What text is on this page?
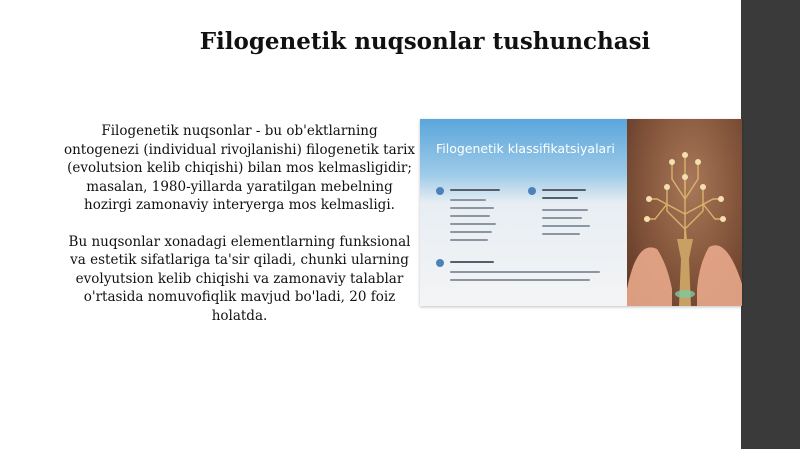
Filogenetik nuqsonlar tushunchasi

Filogenetik nuqsonlar - bu ob'ektlarning ontogenezi (individual rivojlanishi) filogenetik tarix (evolutsion kelib chiqishi) bilan mos kelmasligidir; masalan, 1980-yillarda yaratilgan mebelning hozirgi zamonaviy interyerga mos kelmasligi.

Bu nuqsonlar xonadagi elementlarning funksional va estetik sifatlariga ta'sir qiladi, chunki ularning evolyutsion kelib chiqishi va zamonaviy talablar o'rtasida nomuvofiqlik mavjud bo'ladi, 20 foiz holatda.

Filogenetik klassifikatsiyalari
